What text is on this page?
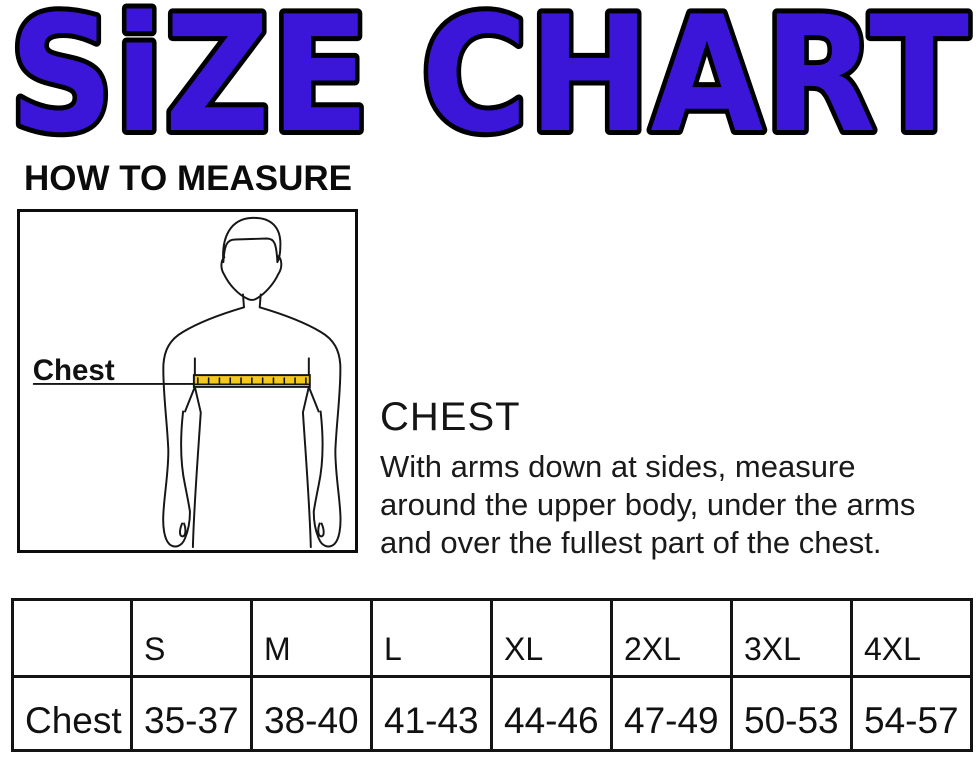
SiZE CHART
HOW TO MEASURE
Chest
CHEST
With arms down at sides, measure
around the upper body, under the arms
and over the fullest part of the chest.
	S	M	L	XL	2XL	3XL	4XL
Chest	35-37	38-40	41-43	44-46	47-49	50-53	54-57
